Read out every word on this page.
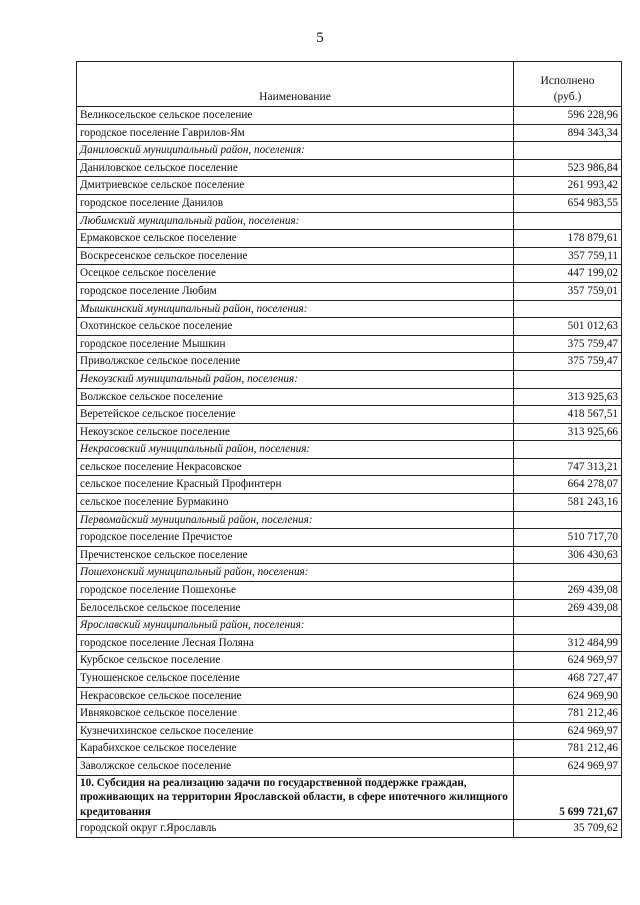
5
Наименование	Исполнено
(руб.)
Великосельское сельское поселение	596 228,96
городское поселение Гаврилов-Ям	894 343,34
Даниловский муниципальный район, поселения:	
Даниловское сельское поселение	523 986,84
Дмитриевское сельское поселение	261 993,42
городское поселение Данилов	654 983,55
Любимский муниципальный район, поселения:	
Ермаковское сельское поселение	178 879,61
Воскресенское сельское поселение	357 759,11
Осецкое сельское поселение	447 199,02
городское поселение Любим	357 759,01
Мышкинский муниципальный район, поселения:	
Охотинское сельское поселение	501 012,63
городское поселение Мышкин	375 759,47
Приволжское сельское поселение	375 759,47
Некоузский муниципальный район, поселения:	
Волжское сельское поселение	313 925,63
Веретейское сельское поселение	418 567,51
Некоузское сельское поселение	313 925,66
Некрасовский муниципальный район, поселения:	
сельское поселение Некрасовское	747 313,21
сельское поселение Красный Профинтерн	664 278,07
сельское поселение Бурмакино	581 243,16
Первомайский муниципальный район, поселения:	
городское поселение Пречистое	510 717,70
Пречистенское сельское поселение	306 430,63
Пошехонский муниципальный район, поселения:	
городское поселение Пошехонье	269 439,08
Белосельское сельское поселение	269 439,08
Ярославский муниципальный район, поселения:	
городское поселение Лесная Поляна	312 484,99
Курбское сельское поселение	624 969,97
Туношенское сельское поселение	468 727,47
Некрасовское сельское поселение	624 969,90
Ивняковское сельское поселение	781 212,46
Кузнечихинское сельское поселение	624 969,97
Карабихское сельское поселение	781 212,46
Заволжское сельское поселение	624 969,97
10. Субсидия на реализацию задачи по государственной поддержке граждан, проживающих на территории Ярославской области, в сфере ипотечного жилищного кредитования	5 699 721,67
городской округ г.Ярославль	35 709,62
